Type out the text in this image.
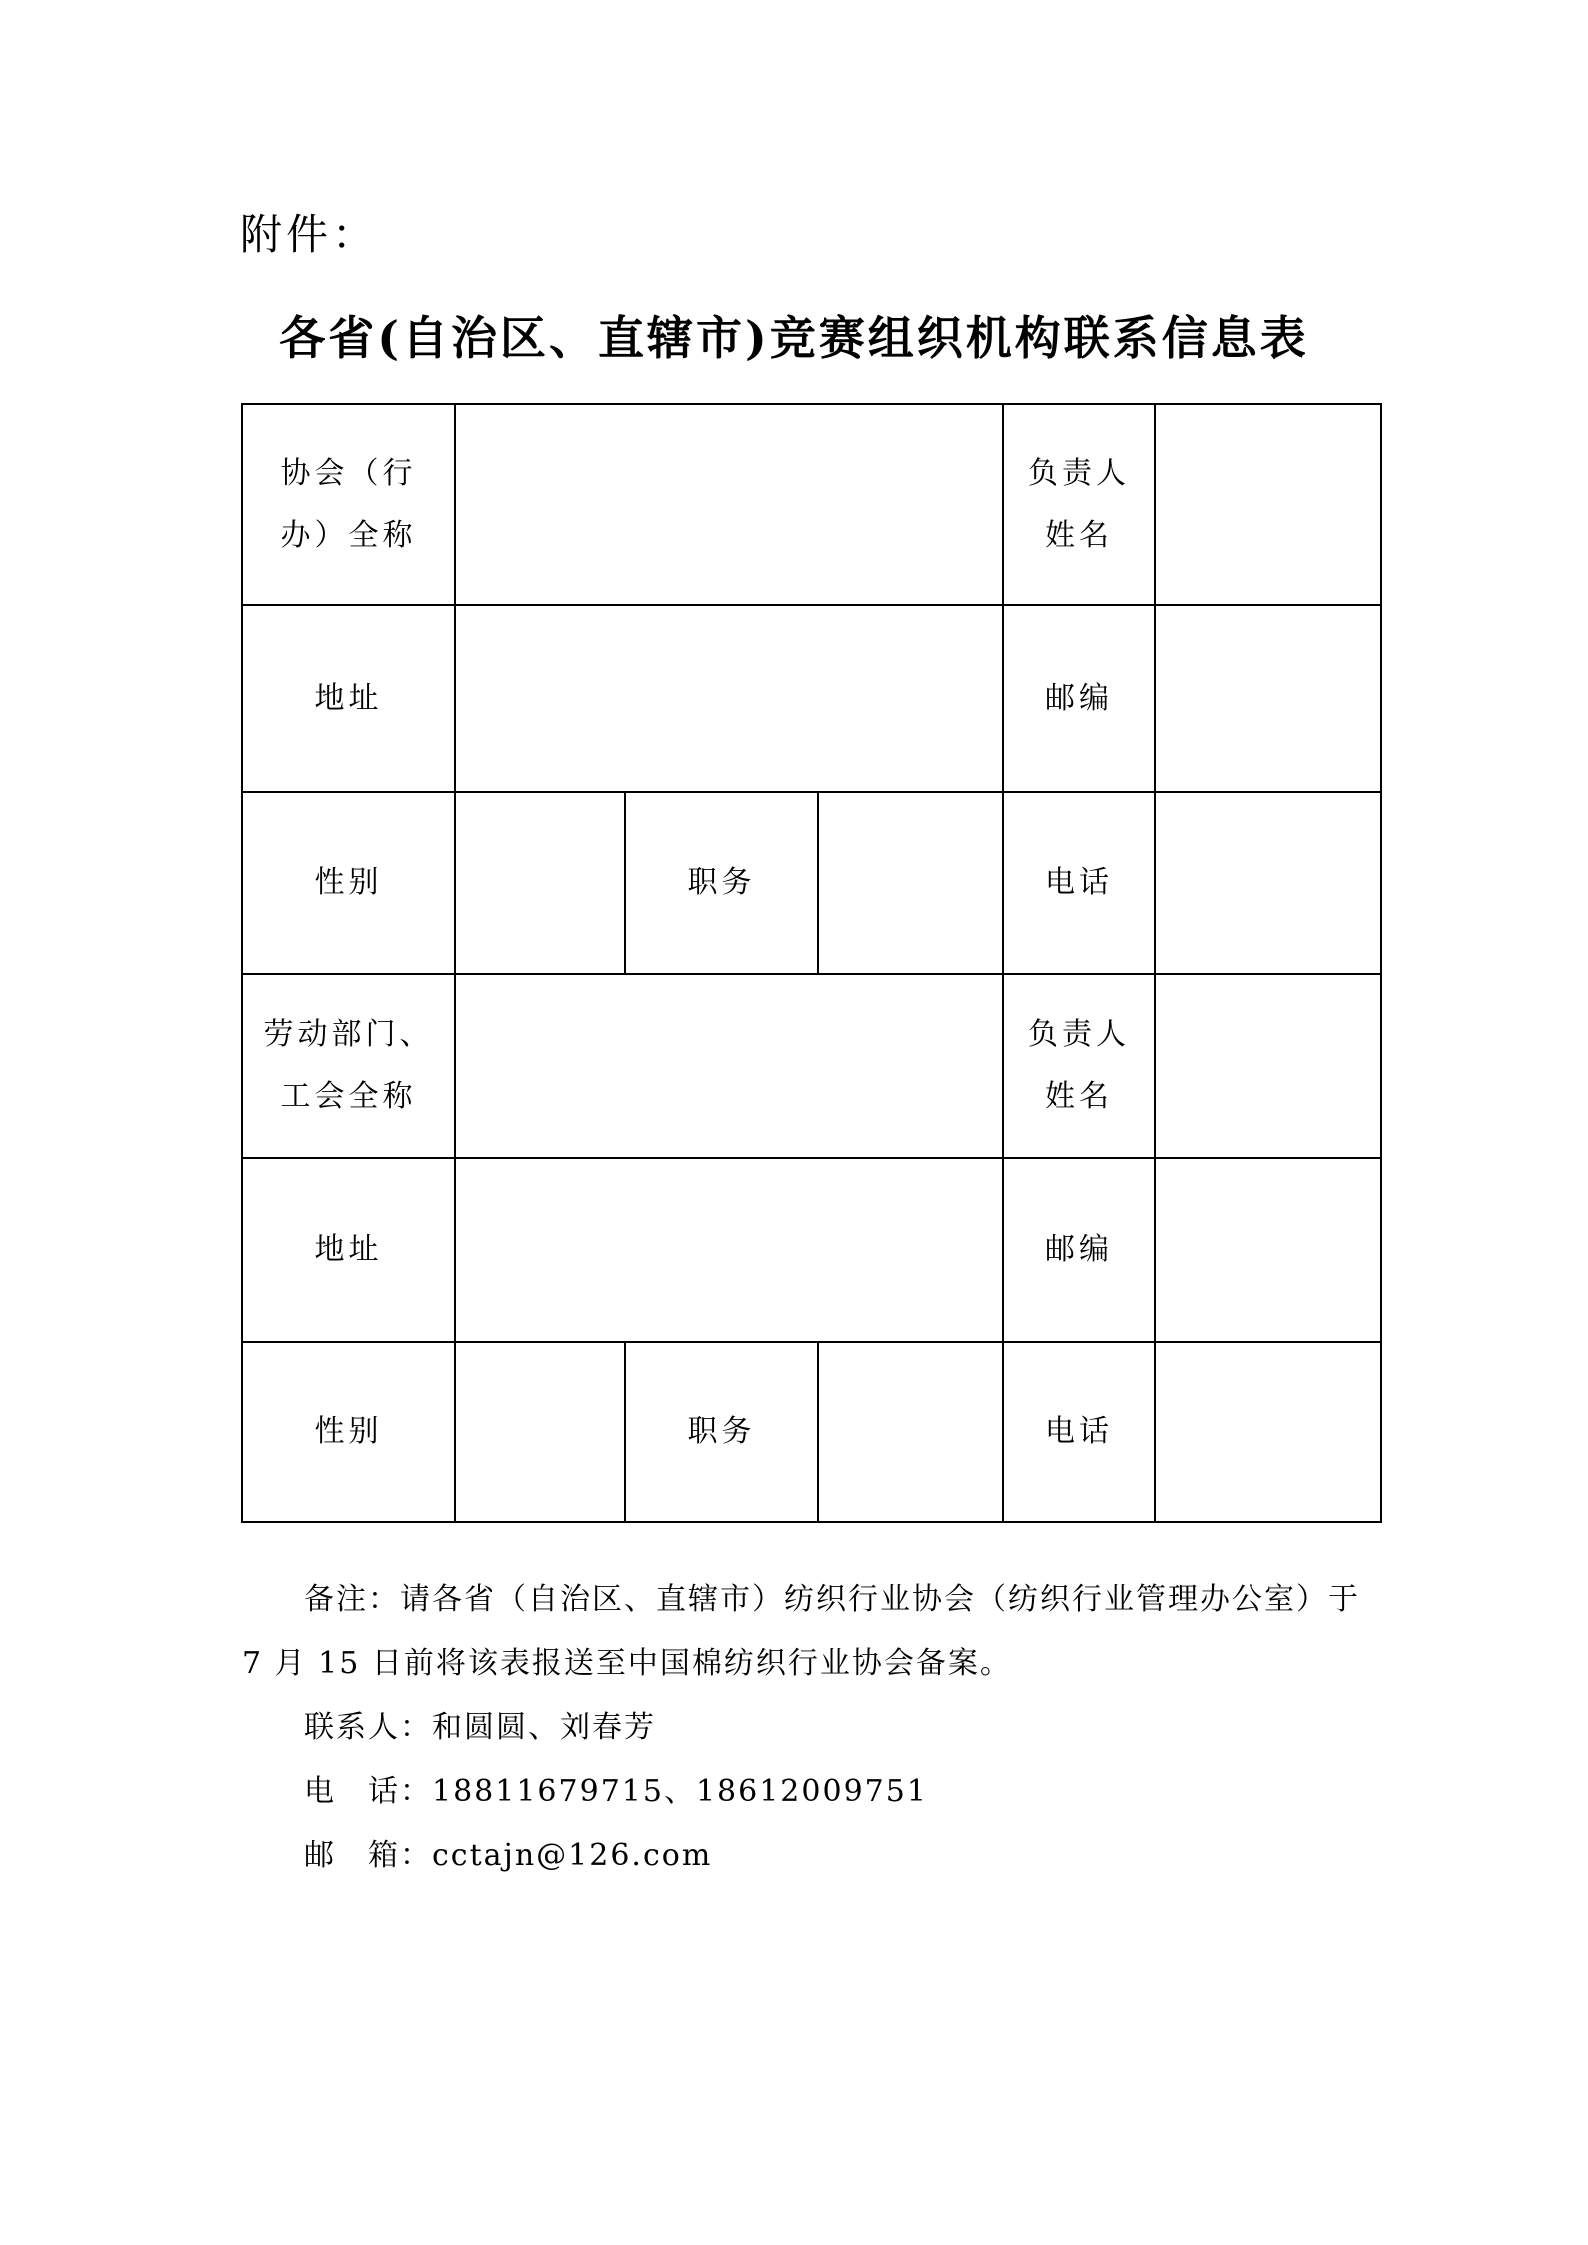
附件：
各省(自治区、直辖市)竞赛组织机构联系信息表
协会（行
办）全称				负责人
姓名	

地址				邮编	
性别		职务		电话	

劳动部门、
工会全称				负责人
姓名	

地址				邮编	
性别		职务		电话	
备注：请各省（自治区、直辖市）纺织行业协会（纺织行业管理办公室）于
7 月 15 日前将该表报送至中国棉纺织行业协会备案。
联系人：和圆圆、刘春芳
电　话：18811679715、18612009751
邮　箱：cctajn@126.com
